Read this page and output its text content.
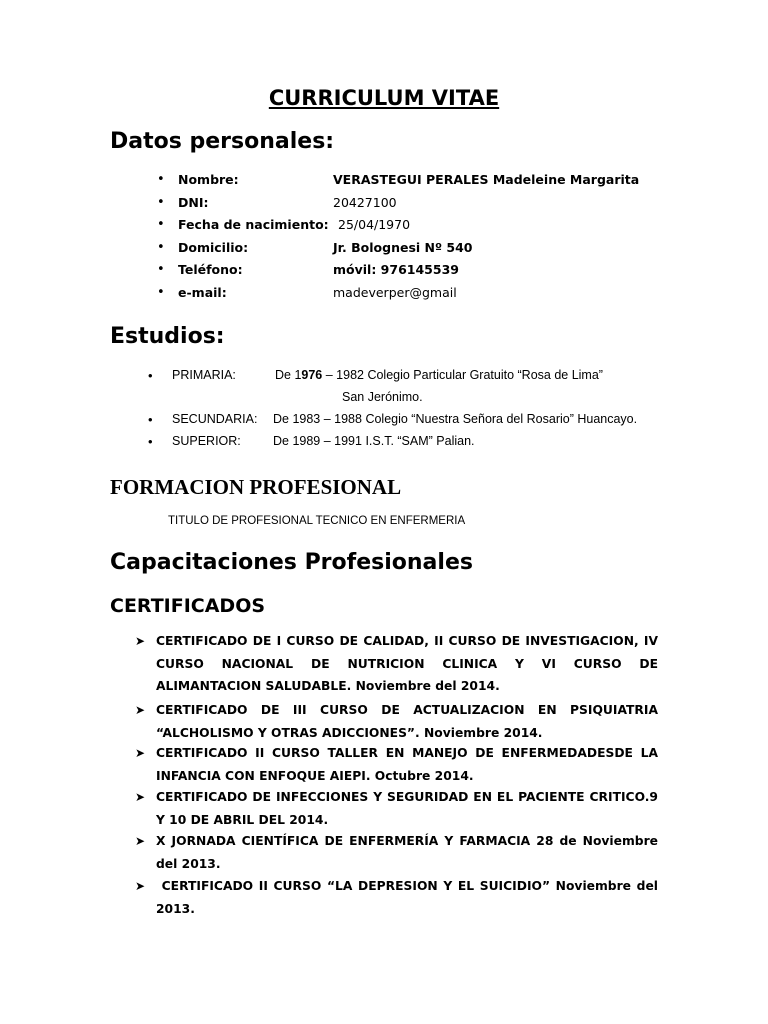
CURRICULUM VITAE
Datos personales:
• Nombre:	VERASTEGUI PERALES Madeleine Margarita
• DNI:	20427100
• Fecha de nacimiento: 25/04/1970
• Domicilio:	Jr. Bolognesi Nº 540
• Teléfono:	móvil: 976145539
• e-mail:	madeverper@gmail
Estudios:
• PRIMARIA:	De 1976 – 1982 Colegio Particular Gratuito “Rosa de Lima”
San Jerónimo.
• SECUNDARIA: De 1983 – 1988 Colegio “Nuestra Señora del Rosario” Huancayo.
• SUPERIOR:	De 1989 – 1991 I.S.T. “SAM” Palian.
FORMACION PROFESIONAL

TITULO DE PROFESIONAL TECNICO EN ENFERMERIA

Capacitaciones Profesionales
CERTIFICADOS
➤ CERTIFICADO DE I CURSO DE CALIDAD, II CURSO DE INVESTIGACION, IV CURSO NACIONAL DE NUTRICION CLINICA Y VI CURSO DE ALIMANTACION SALUDABLE. Noviembre del 2014.
➤ CERTIFICADO DE III CURSO DE ACTUALIZACION EN PSIQUIATRIA “ALCHOLISMO Y OTRAS ADICCIONES”. Noviembre 2014.
➤ CERTIFICADO II CURSO TALLER EN MANEJO DE ENFERMEDADESDE LA INFANCIA CON ENFOQUE AIEPI. Octubre 2014.
➤ CERTIFICADO DE INFECCIONES Y SEGURIDAD EN EL PACIENTE CRITICO.9 Y 10 DE ABRIL DEL 2014.
➤ X JORNADA CIENTÍFICA DE ENFERMERÍA Y FARMACIA 28 de Noviembre del 2013.
➤ CERTIFICADO II CURSO “LA DEPRESION Y EL SUICIDIO” Noviembre del 2013.
